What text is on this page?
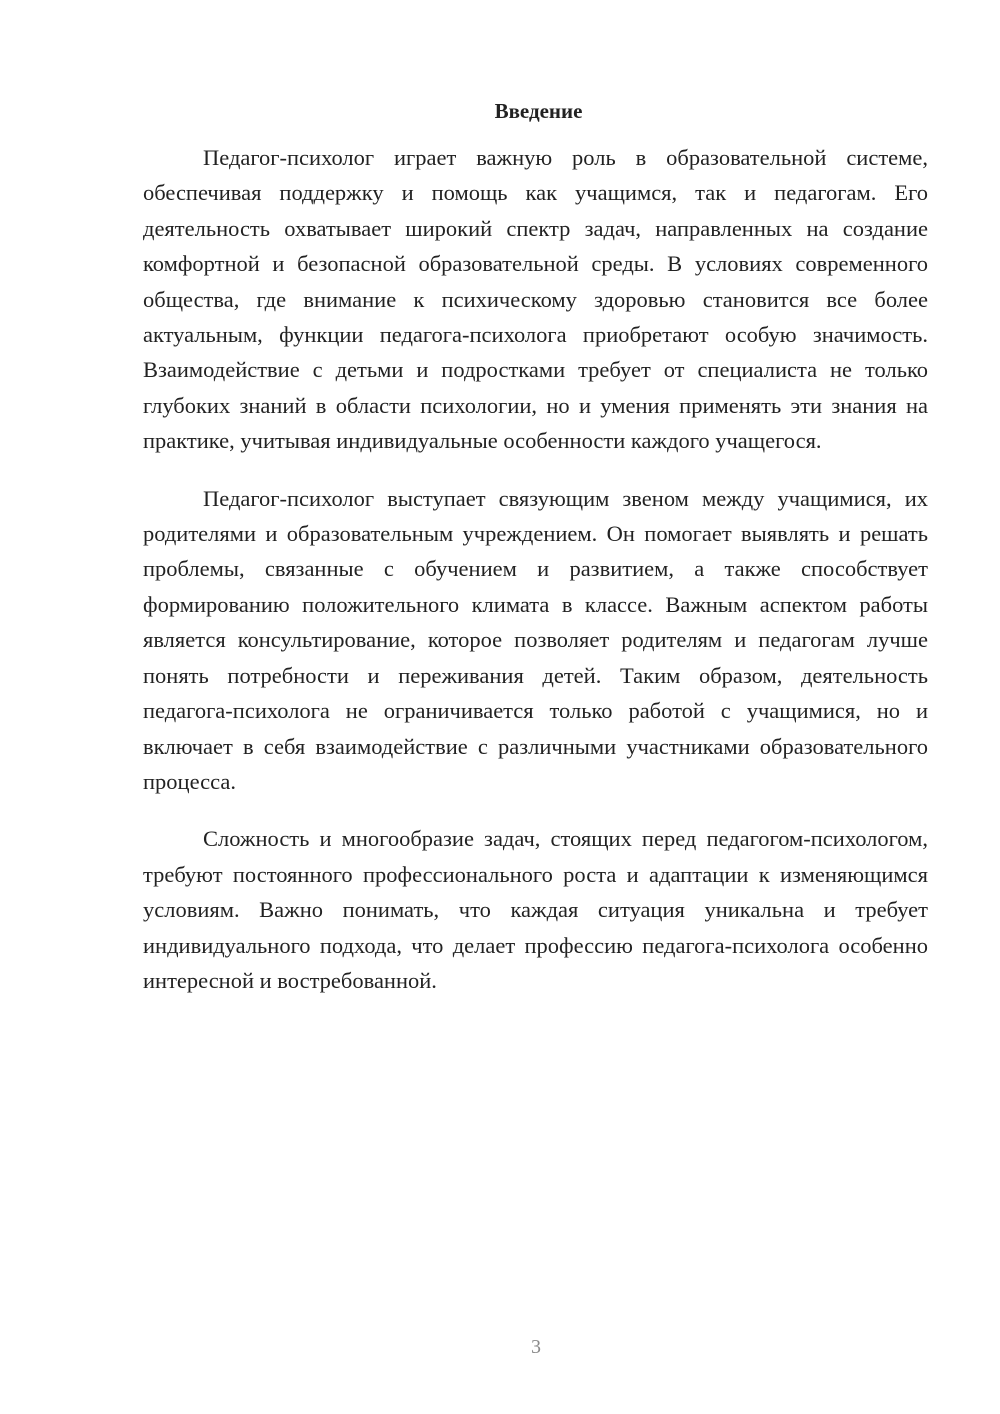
Введение

Педагог-психолог играет важную роль в образовательной системе, обеспечивая поддержку и помощь как учащимся, так и педагогам. Его деятельность охватывает широкий спектр задач, направленных на создание комфортной и безопасной образовательной среды. В условиях современного общества, где внимание к психическому здоровью становится все более актуальным, функции педагога-психолога приобретают особую значимость. Взаимодействие с детьми и подростками требует от специалиста не только глубоких знаний в области психологии, но и умения применять эти знания на практике, учитывая индивидуальные особенности каждого учащегося.

Педагог-психолог выступает связующим звеном между учащимися, их родителями и образовательным учреждением. Он помогает выявлять и решать проблемы, связанные с обучением и развитием, а также способствует формированию положительного климата в классе. Важным аспектом работы является консультирование, которое позволяет родителям и педагогам лучше понять потребности и переживания детей. Таким образом, деятельность педагога-психолога не ограничивается только работой с учащимися, но и включает в себя взаимодействие с различными участниками образовательного процесса.

Сложность и многообразие задач, стоящих перед педагогом-психологом, требуют постоянного профессионального роста и адаптации к изменяющимся условиям. Важно понимать, что каждая ситуация уникальна и требует индивидуального подхода, что делает профессию педагога-психолога особенно интересной и востребованной.

3
